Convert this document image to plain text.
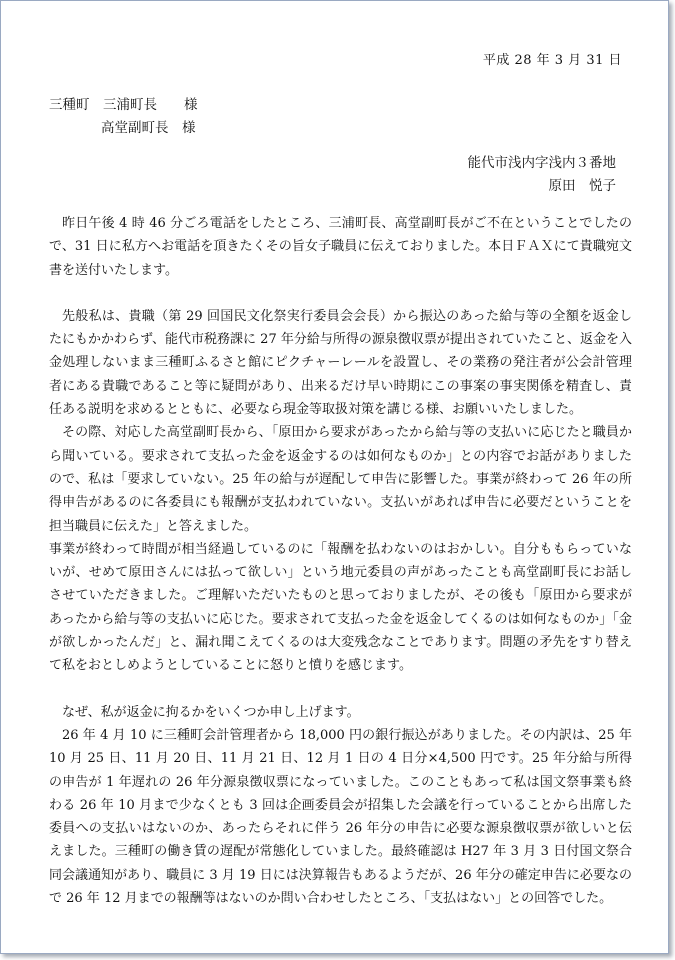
平成 28 年 3 月 31 日
三種町　三浦町長　　様
高堂副町長　様
能代市浅内字浅内３番地
原田　悦子

昨日午後 4 時 46 分ごろ電話をしたところ、三浦町長、高堂副町長がご不在ということでしたので、31 日に私方へお電話を頂きたくその旨女子職員に伝えておりました。本日ＦＡＸにて貴職宛文書を送付いたします。

先般私は、貴職（第 29 回国民文化祭実行委員会会長）から振込のあった給与等の全額を返金したにもかかわらず、能代市税務課に 27 年分給与所得の源泉徴収票が提出されていたこと、返金を入金処理しないまま三種町ふるさと館にピクチャーレールを設置し、その業務の発注者が公会計管理者にある貴職であること等に疑問があり、出来るだけ早い時期にこの事案の事実関係を精査し、責任ある説明を求めるとともに、必要なら現金等取扱対策を講じる様、お願いいたしました。

その際、対応した高堂副町長から、「原田から要求があったから給与等の支払いに応じたと職員から聞いている。要求されて支払った金を返金するのは如何なものか」との内容でお話がありましたので、私は「要求していない。25 年の給与が遅配して申告に影響した。事業が終わって 26 年の所得申告があるのに各委員にも報酬が支払われていない。支払いがあれば申告に必要だということを担当職員に伝えた」と答えました。

事業が終わって時間が相当経過しているのに「報酬を払わないのはおかしい。自分ももらっていないが、せめて原田さんには払って欲しい」という地元委員の声があったことも高堂副町長にお話しさせていただきました。ご理解いただいたものと思っておりましたが、その後も「原田から要求があったから給与等の支払いに応じた。要求されて支払った金を返金してくるのは如何なものか」「金が欲しかったんだ」と、漏れ聞こえてくるのは大変残念なことであります。問題の矛先をすり替えて私をおとしめようとしていることに怒りと憤りを感じます。

なぜ、私が返金に拘るかをいくつか申し上げます。

26 年 4 月 10 に三種町会計管理者から 18,000 円の銀行振込がありました。その内訳は、25 年 10 月 25 日、11 月 20 日、11 月 21 日、12 月 1 日の 4 日分×4,500 円です。25 年分給与所得の申告が 1 年遅れの 26 年分源泉徴収票になっていました。このこともあって私は国文祭事業も終わる 26 年 10 月まで少なくとも 3 回は企画委員会が招集した会議を行っていることから出席した委員への支払いはないのか、あったらそれに伴う 26 年分の申告に必要な源泉徴収票が欲しいと伝えました。三種町の働き賃の遅配が常態化していました。最終確認は H27 年 3 月 3 日付国文祭合同会議通知があり、職員に 3 月 19 日には決算報告もあるようだが、26 年分の確定申告に必要なので 26 年 12 月までの報酬等はないのか問い合わせしたところ、「支払はない」との回答でした。
